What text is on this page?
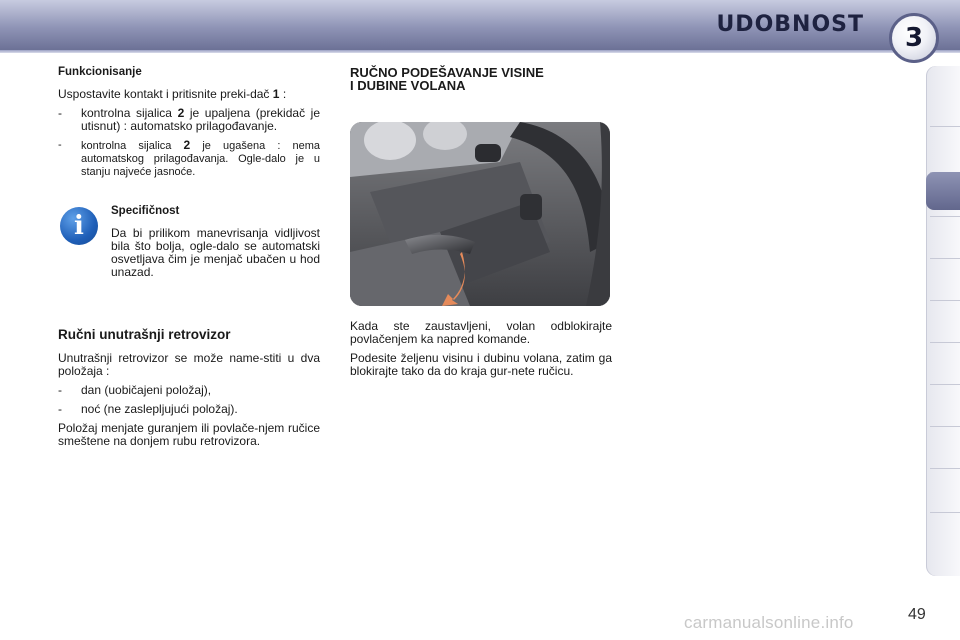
UDOBNOST	3
Funkcionisanje

Uspostavite kontakt i pritisnite preki-dač 1 :

- kontrolna sijalica 2 je upaljena (prekidač je utisnut) : automatsko prilagođavanje.
- kontrolna sijalica 2 je ugašena : nema automatskog prilagođavanja. Ogle-dalo je u stanju najveće jasnoće.
i	Specifičnost

Da bi prilikom manevrisanja vidljivost bila što bolja, ogle-dalo se automatski osvetljava čim je menjač ubačen u hod unazad.

Ručni unutrašnji retrovizor

Unutrašnji retrovizor se može name-stiti u dva položaja :

- dan (uobičajeni položaj),
- noć (ne zaslepljujući položaj).

Položaj menjate guranjem ili povlače-njem ručice smeštene na donjem rubu retrovizora.

RUČNO PODEŠAVANJE VISINE
I DUBINE VOLANA

Kada ste zaustavljeni, volan odblokirajte povlačenjem ka napred komande.

Podesite željenu visinu i dubinu volana, zatim ga blokirajte tako da do kraja gur-nete ručicu.

carmanualsonline.info	49
